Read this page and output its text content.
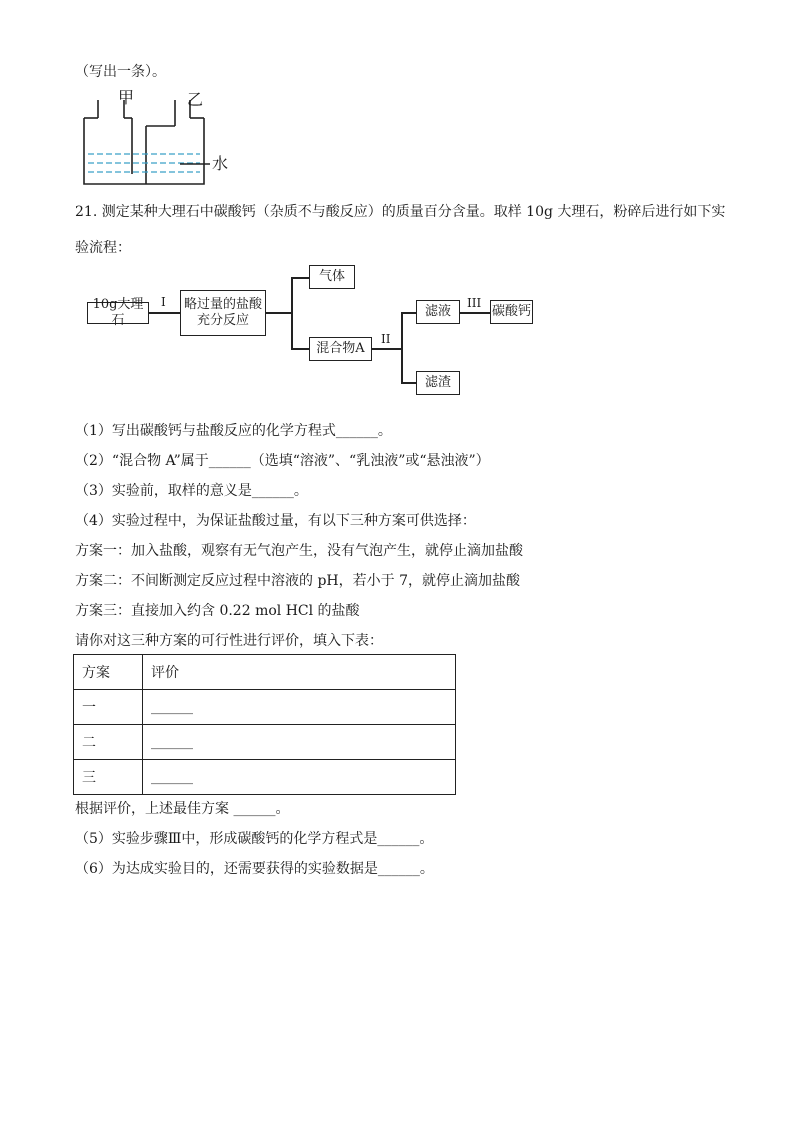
（写出一条）。
甲	乙
水
21. 测定某种大理石中碳酸钙（杂质不与酸反应）的质量百分含量。取样 10g 大理石，粉碎后进行如下实
验流程：
10g大理石
I 略过量的盐酸
充分反应
气体
混合物A
II
滤液
滤渣
III
碳酸钙
（1）写出碳酸钙与盐酸反应的化学方程式______。
（2）“混合物 A”属于______（选填“溶液”、“乳浊液”或“悬浊液”）
（3）实验前，取样的意义是______。
（4）实验过程中，为保证盐酸过量，有以下三种方案可供选择：
方案一：加入盐酸，观察有无气泡产生，没有气泡产生，就停止滴加盐酸
方案二：不间断测定反应过程中溶液的 pH，若小于 7，就停止滴加盐酸
方案三：直接加入约含 0.22 mol HCl 的盐酸
请你对这三种方案的可行性进行评价，填入下表：
方案	评价
一	______
二	______
三	______
根据评价，上述最佳方案 ______。
（5）实验步骤Ⅲ中，形成碳酸钙的化学方程式是______。
（6）为达成实验目的，还需要获得的实验数据是______。
